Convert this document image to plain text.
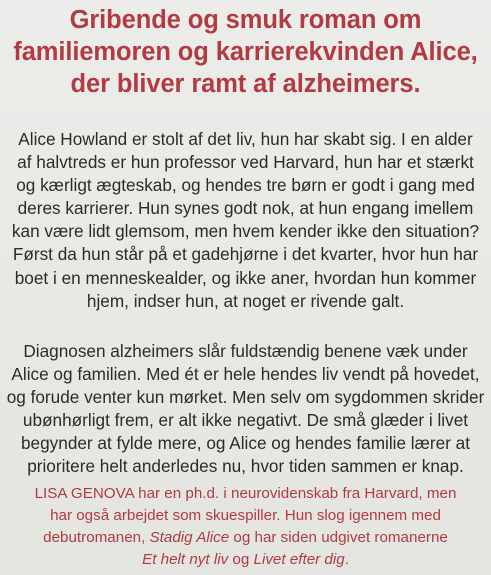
Gribende og smuk roman om
familiemoren og karrierekvinden Alice,
der bliver ramt af alzheimers.
Alice Howland er stolt af det liv, hun har skabt sig. I en alder
af halvtreds er hun professor ved Harvard, hun har et stærkt
og kærligt ægteskab, og hendes tre børn er godt i gang med
deres karrierer. Hun synes godt nok, at hun engang imellem
kan være lidt glemsom, men hvem kender ikke den situation?
Først da hun står på et gadehjørne i det kvarter, hvor hun har
boet i en menneskealder, og ikke aner, hvordan hun kommer
hjem, indser hun, at noget er rivende galt.
Diagnosen alzheimers slår fuldstændig benene væk under
Alice og familien. Med ét er hele hendes liv vendt på hovedet,
og forude venter kun mørket. Men selv om sygdommen skrider
ubønhørligt frem, er alt ikke negativt. De små glæder i livet
begynder at fylde mere, og Alice og hendes familie lærer at
prioritere helt anderledes nu, hvor tiden sammen er knap.
LISA GENOVA har en ph.d. i neurovidenskab fra Harvard, men
har også arbejdet som skuespiller. Hun slog igennem med
debutromanen, Stadig Alice og har siden udgivet romanerne
Et helt nyt liv og Livet efter dig.
